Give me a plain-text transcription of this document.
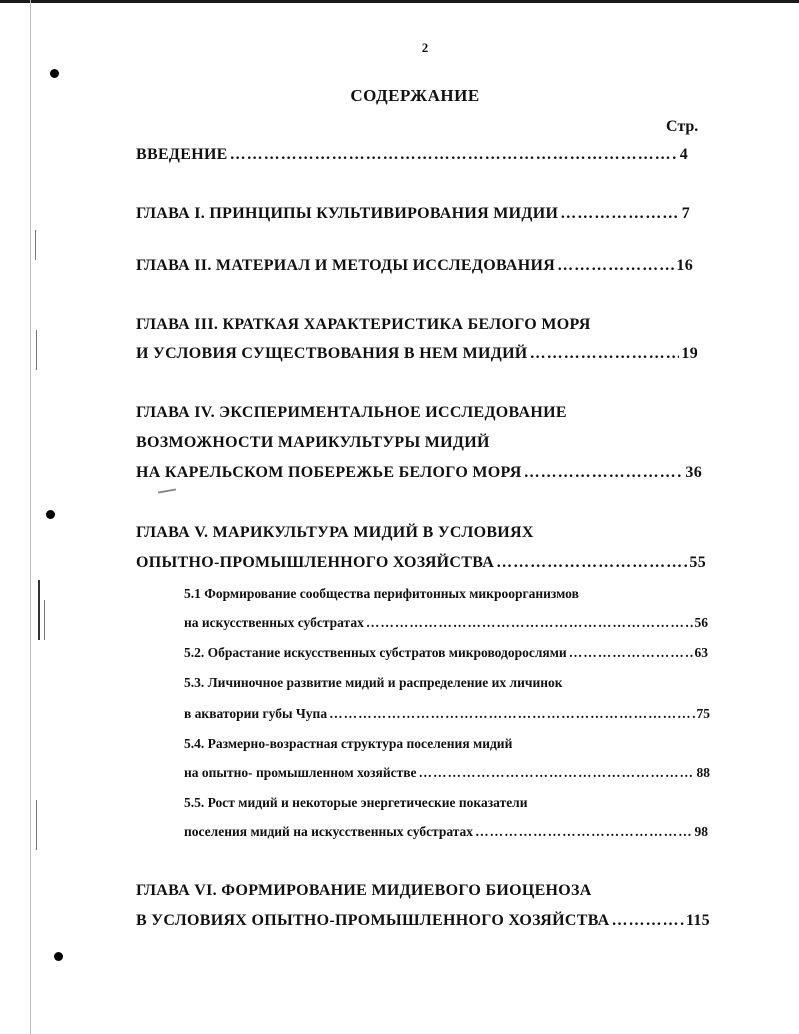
2
СОДЕРЖАНИЕ
Стр.
ВВЕДЕНИЕ …………………………………………………………………………………………………………………………………………………	4
ГЛАВА I. ПРИНЦИПЫ КУЛЬТИВИРОВАНИЯ МИДИИ …………………………………………………………………………………………………………………………………………………	7
ГЛАВА II. МАТЕРИАЛ И МЕТОДЫ ИССЛЕДОВАНИЯ …………………………………………………………………………………………………………………………………………………	16
ГЛАВА III. КРАТКАЯ ХАРАКТЕРИСТИКА БЕЛОГО МОРЯ
И УСЛОВИЯ СУЩЕСТВОВАНИЯ В НЕМ МИДИЙ …………………………………………………………………………………………………………………………………………………	19
ГЛАВА IV. ЭКСПЕРИМЕНТАЛЬНОЕ ИССЛЕДОВАНИЕ
ВОЗМОЖНОСТИ МАРИКУЛЬТУРЫ МИДИЙ
НА КАРЕЛЬСКОМ ПОБЕРЕЖЬЕ БЕЛОГО МОРЯ …………………………………………………………………………………………………………………………………………………	36
ГЛАВА V. МАРИКУЛЬТУРА МИДИЙ В УСЛОВИЯХ
ОПЫТНО-ПРОМЫШЛЕННОГО ХОЗЯЙСТВА …………………………………………………………………………………………………………………………………………………	55
5.1 Формирование сообщества перифитонных микроорганизмов
на искусственных субстратах …………………………………………………………………………………………………………………………………………………	56
5.2. Обрастание искусственных субстратов микроводорослями …………………………………………………………………………………………………………………………………………………	63
5.3. Личиночное развитие мидий и распределение их личинок
в акватории губы Чупа …………………………………………………………………………………………………………………………………………………	75
5.4. Размерно-возрастная структура поселения мидий
на опытно- промышленном хозяйстве …………………………………………………………………………………………………………………………………………………	88
5.5. Рост мидий и некоторые энергетические показатели
поселения мидий на искусственных субстратах …………………………………………………………………………………………………………………………………………………	98
ГЛАВА VI. ФОРМИРОВАНИЕ МИДИЕВОГО БИОЦЕНОЗА
В УСЛОВИЯХ ОПЫТНО-ПРОМЫШЛЕННОГО ХОЗЯЙСТВА …………………………………………………………………………………………………………………………………………………	115
